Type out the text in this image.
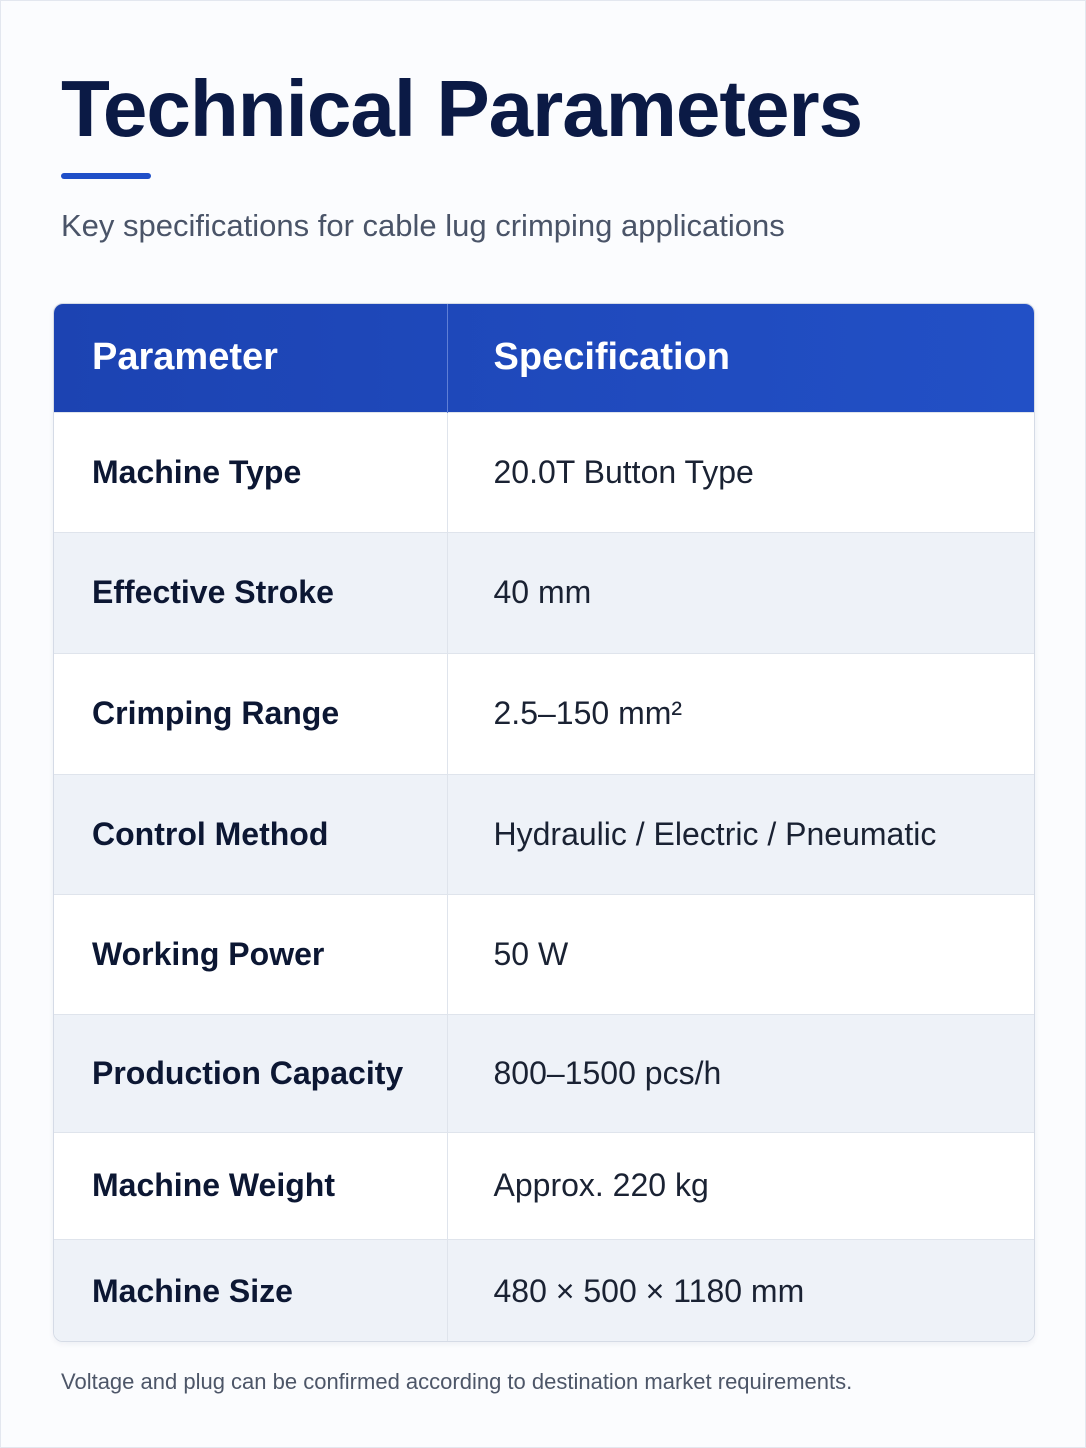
Technical Parameters

Key specifications for cable lug crimping applications

Parameter	Specification
Machine Type	20.0T Button Type
Effective Stroke	40 mm
Crimping Range	2.5–150 mm²
Control Method	Hydraulic / Electric / Pneumatic
Working Power	50 W
Production Capacity	800–1500 pcs/h
Machine Weight	Approx. 220 kg
Machine Size	480 × 500 × 1180 mm

Voltage and plug can be confirmed according to destination market requirements.
